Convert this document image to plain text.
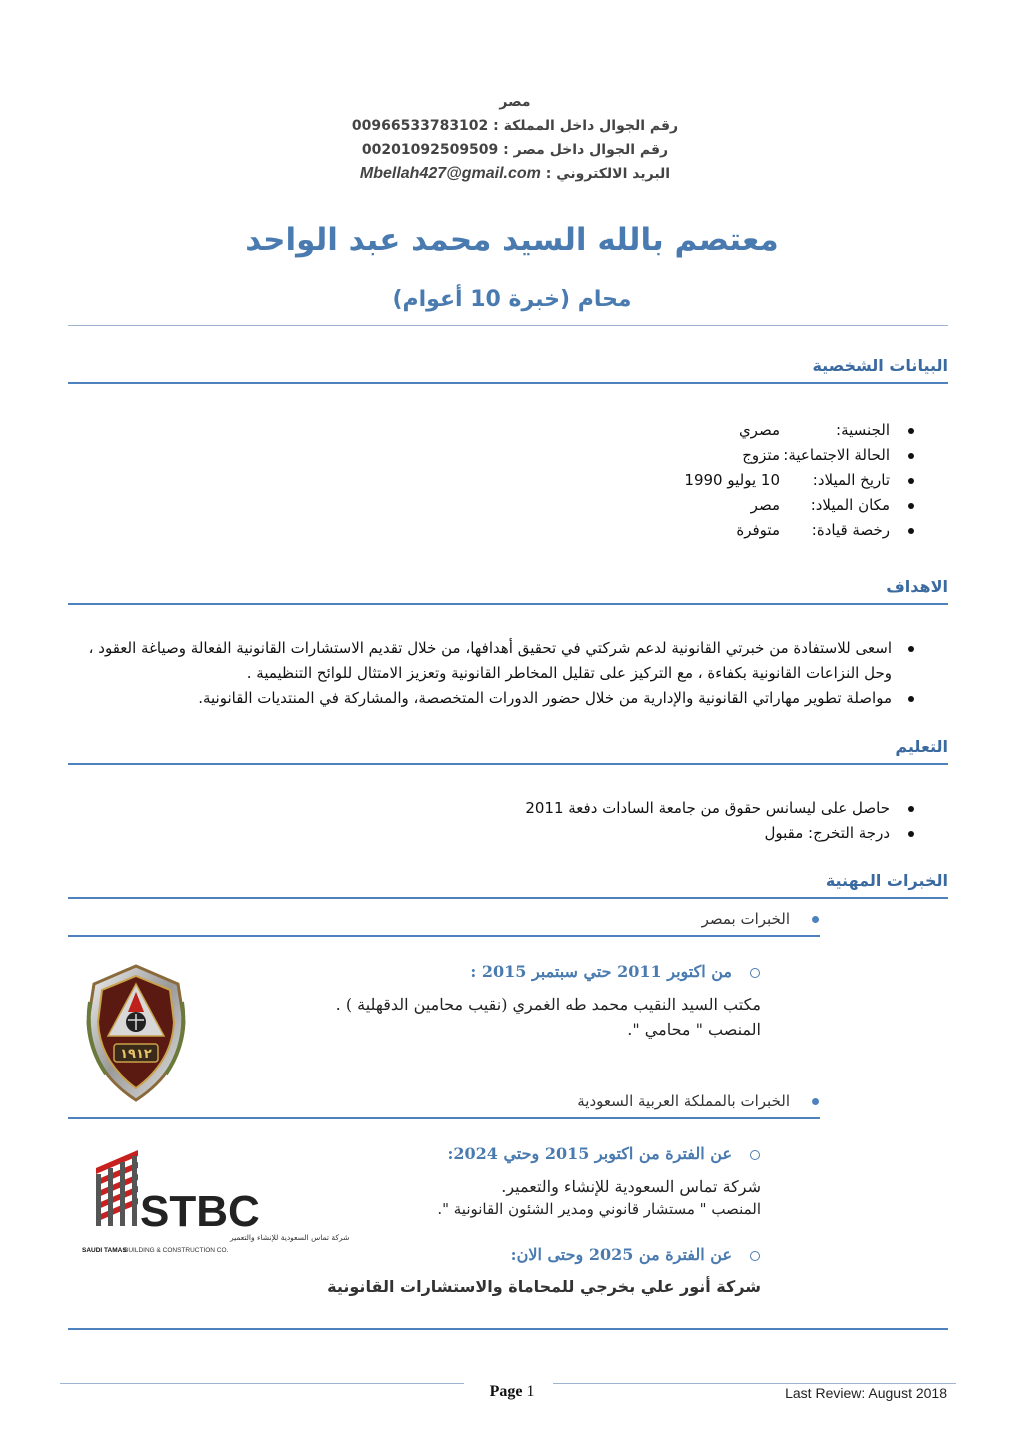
مصر
رقم الجوال داخل المملكة : 00966533783102
رقم الجوال داخل مصر : 00201092509509
البريد الالكتروني : Mbellah427@gmail.com
معتصم بالله السيد محمد عبد الواحد
محام (خبرة 10 أعوام)
البيانات الشخصية
الجنسية:مصري
الحالة الاجتماعية:متزوج
تاريخ الميلاد:10 يوليو 1990
مكان الميلاد:مصر
رخصة قيادة:متوفرة
الاهداف
اسعى للاستفادة من خبرتي القانونية لدعم شركتي في تحقيق أهدافها، من خلال تقديم الاستشارات القانونية الفعالة وصياغة العقود ، وحل النزاعات القانونية بكفاءة ، مع التركيز على تقليل المخاطر القانونية وتعزيز الامتثال للوائح التنظيمية .
مواصلة تطوير مهاراتي القانونية والإدارية من خلال حضور الدورات المتخصصة، والمشاركة في المنتديات القانونية.
التعليم
حاصل على ليسانس حقوق من جامعة السادات دفعة 2011
درجة التخرج: مقبول
الخبرات المهنية
الخبرات بمصر
من اكتوبر 2011 حتي سبتمبر 2015 :
مكتب السيد النقيب محمد طه الغمري (نقيب محامين الدقهلية ) .
المنصب " محامي ".
١٩١٢
الخبرات بالمملكة العربية السعودية
عن الفترة من اكتوبر 2015 وحتي 2024:
شركة تماس السعودية للإنشاء والتعمير.
المنصب " مستشار قانوني ومدير الشئون القانونية ".
عن الفترة من 2025 وحتى الان:
شركة أنور علي بخرجي للمحاماة والاستشارات القانونية
STBC
شركة تماس السعودية للإنشاء والتعمير
SAUDI TAMAS
BUILDING & CONSTRUCTION CO.
Page 1	Last Review: August 2018
